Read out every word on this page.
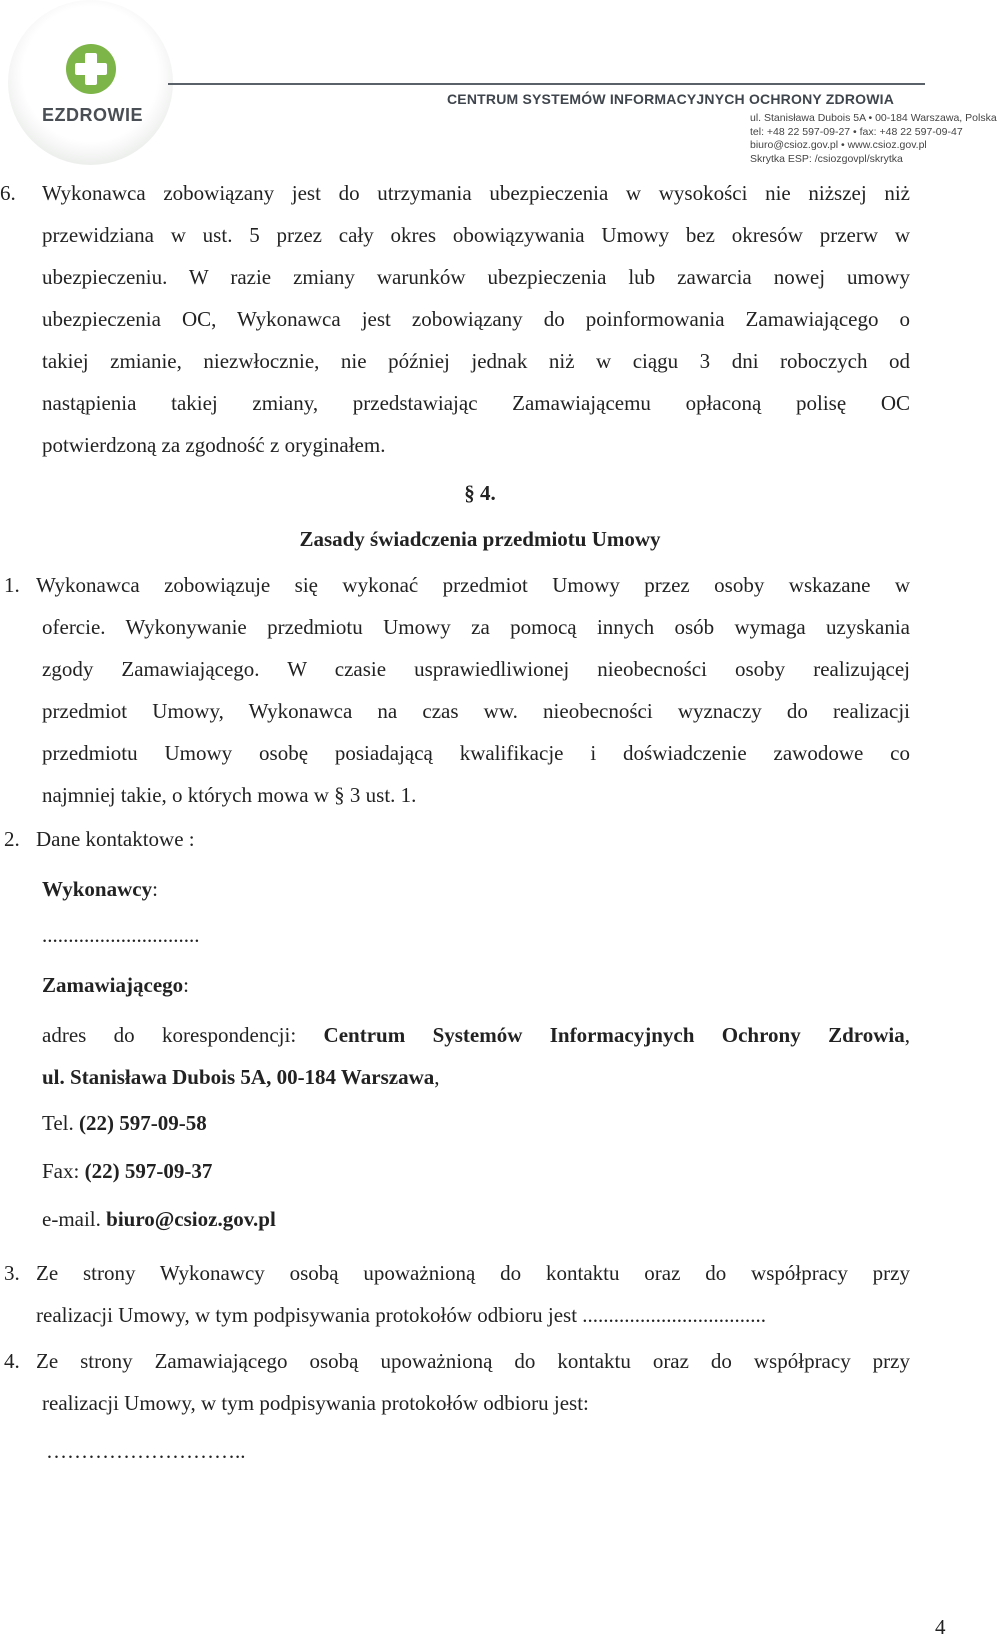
EZDROWIE
CENTRUM SYSTEMÓW INFORMACYJNYCH OCHRONY ZDROWIA
ul. Stanisława Dubois 5A • 00-184 Warszawa, Polska
tel: +48 22 597-09-27 • fax: +48 22 597-09-47
biuro@csioz.gov.pl • www.csioz.gov.pl
Skrytka ESP: /csiozgovpl/skrytka
6. Wykonawca zobowiązany jest do utrzymania ubezpieczenia w wysokości nie niższej niż
przewidziana w ust. 5 przez cały okres obowiązywania Umowy bez okresów przerw w
ubezpieczeniu. W razie zmiany warunków ubezpieczenia lub zawarcia nowej umowy
ubezpieczenia OC, Wykonawca jest zobowiązany do poinformowania Zamawiającego o
takiej zmianie, niezwłocznie, nie później jednak niż w ciągu 3 dni roboczych od
nastąpienia takiej zmiany, przedstawiając Zamawiającemu opłaconą polisę OC
potwierdzoną za zgodność z oryginałem.
§ 4.
Zasady świadczenia przedmiotu Umowy
1. Wykonawca zobowiązuje się wykonać przedmiot Umowy przez osoby wskazane w
ofercie. Wykonywanie przedmiotu Umowy za pomocą innych osób wymaga uzyskania
zgody Zamawiającego. W czasie usprawiedliwionej nieobecności osoby realizującej
przedmiot Umowy, Wykonawca na czas ww. nieobecności wyznaczy do realizacji
przedmiotu Umowy osobę posiadającą kwalifikacje i doświadczenie zawodowe co
najmniej takie, o których mowa w § 3 ust. 1.
2. Dane kontaktowe :
Wykonawcy:
..............................
Zamawiającego:
adres do korespondencji: Centrum Systemów Informacyjnych Ochrony Zdrowia,
ul. Stanisława Dubois 5A, 00-184 Warszawa,
Tel. (22) 597-09-58
Fax: (22) 597-09-37
e-mail. biuro@csioz.gov.pl
3. Ze strony Wykonawcy osobą upoważnioną do kontaktu oraz do współpracy przy
realizacji Umowy, w tym podpisywania protokołów odbioru jest ...................................
4. Ze strony Zamawiającego osobą upoważnioną do kontaktu oraz do współpracy przy
realizacji Umowy, w tym podpisywania protokołów odbioru jest:
………………………..
4
